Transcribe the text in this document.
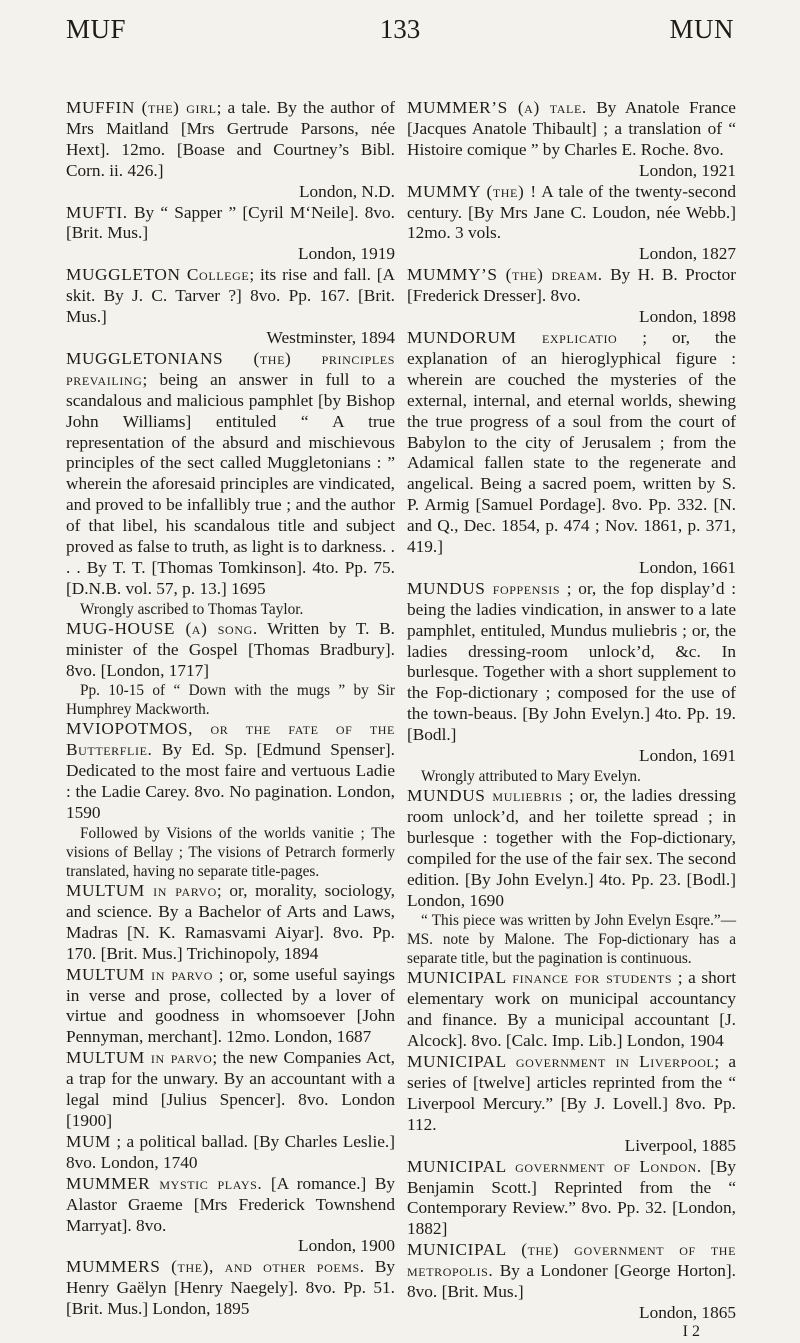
133
MUF	MUN
MUFFIN (the) girl; a tale. By the author of Mrs Maitland [Mrs Gertrude Parsons, née Hext]. 12mo. [Boase and Courtney’s Bibl. Corn. ii. 426.]
London, N.D.
MUFTI. By “ Sapper ” [Cyril M‘Neile]. 8vo. [Brit. Mus.]
London, 1919
MUGGLETON College; its rise and fall. [A skit. By J. C. Tarver ?] 8vo. Pp. 167. [Brit. Mus.]
Westminster, 1894
MUGGLETONIANS (the) principles prevailing; being an answer in full to a scandalous and malicious pamphlet [by Bishop John Williams] entituled “ A true representation of the absurd and mischievous principles of the sect called Muggletonians : ” wherein the aforesaid principles are vindicated, and proved to be infallibly true ; and the author of that libel, his scandalous title and subject proved as false to truth, as light is to darkness. . . . By T. T. [Thomas Tomkinson]. 4to. Pp. 75. [D.N.B. vol. 57, p. 13.] 1695
Wrongly ascribed to Thomas Taylor.
MUG-HOUSE (a) song. Written by T. B. minister of the Gospel [Thomas Bradbury]. 8vo. [London, 1717]
Pp. 10-15 of “ Down with the mugs ” by Sir Humphrey Mackworth.
MVIOPOTMOS, or the fate of the Butterflie. By Ed. Sp. [Edmund Spenser]. Dedicated to the most faire and vertuous Ladie : the Ladie Carey. 8vo. No pagination. London, 1590
Followed by Visions of the worlds vanitie ; The visions of Bellay ; The visions of Petrarch formerly translated, having no separate title-pages.
MULTUM in parvo; or, morality, sociology, and science. By a Bachelor of Arts and Laws, Madras [N. K. Ramasvami Aiyar]. 8vo. Pp. 170. [Brit. Mus.] Trichinopoly, 1894
MULTUM in parvo ; or, some useful sayings in verse and prose, collected by a lover of virtue and goodness in whomsoever [John Pennyman, merchant]. 12mo. London, 1687
MULTUM in parvo; the new Companies Act, a trap for the unwary. By an accountant with a legal mind [Julius Spencer]. 8vo. London [1900]
MUM ; a political ballad. [By Charles Leslie.] 8vo. London, 1740
MUMMER mystic plays. [A romance.] By Alastor Graeme [Mrs Frederick Townshend Marryat]. 8vo.
London, 1900
MUMMERS (the), and other poems. By Henry Gaëlyn [Henry Naegely]. 8vo. Pp. 51. [Brit. Mus.] London, 1895
MUMMER’S (a) tale. By Anatole France [Jacques Anatole Thibault] ; a translation of “ Histoire comique ” by Charles E. Roche. 8vo.
London, 1921
MUMMY (the) ! A tale of the twenty-second century. [By Mrs Jane C. Loudon, née Webb.] 12mo. 3 vols.
London, 1827
MUMMY’S (the) dream. By H. B. Proctor [Frederick Dresser]. 8vo.
London, 1898
MUNDORUM explicatio ; or, the explanation of an hieroglyphical figure : wherein are couched the mysteries of the external, internal, and eternal worlds, shewing the true progress of a soul from the court of Babylon to the city of Jerusalem ; from the Adamical fallen state to the regenerate and angelical. Being a sacred poem, written by S. P. Armig [Samuel Pordage]. 8vo. Pp. 332. [N. and Q., Dec. 1854, p. 474 ; Nov. 1861, p. 371, 419.]
London, 1661
MUNDUS foppensis ; or, the fop display’d : being the ladies vindication, in answer to a late pamphlet, entituled, Mundus muliebris ; or, the ladies dressing-room unlock’d, &c. In burlesque. Together with a short supplement to the Fop-dictionary ; composed for the use of the town-beaus. [By John Evelyn.] 4to. Pp. 19. [Bodl.]
London, 1691
Wrongly attributed to Mary Evelyn.
MUNDUS muliebris ; or, the ladies dressing room unlock’d, and her toilette spread ; in burlesque : together with the Fop-dictionary, compiled for the use of the fair sex. The second edition. [By John Evelyn.] 4to. Pp. 23. [Bodl.] London, 1690
“ This piece was written by John Evelyn Esqre.”—MS. note by Malone. The Fop-dictionary has a separate title, but the pagination is continuous.
MUNICIPAL finance for students ; a short elementary work on municipal accountancy and finance. By a municipal accountant [J. Alcock]. 8vo. [Calc. Imp. Lib.] London, 1904
MUNICIPAL government in Liverpool; a series of [twelve] articles reprinted from the “ Liverpool Mercury.” [By J. Lovell.] 8vo. Pp. 112.
Liverpool, 1885
MUNICIPAL government of London. [By Benjamin Scott.] Reprinted from the “ Contemporary Review.” 8vo. Pp. 32. [London, 1882]
MUNICIPAL (the) government of the metropolis. By a Londoner [George Horton]. 8vo. [Brit. Mus.]
London, 1865
I 2
